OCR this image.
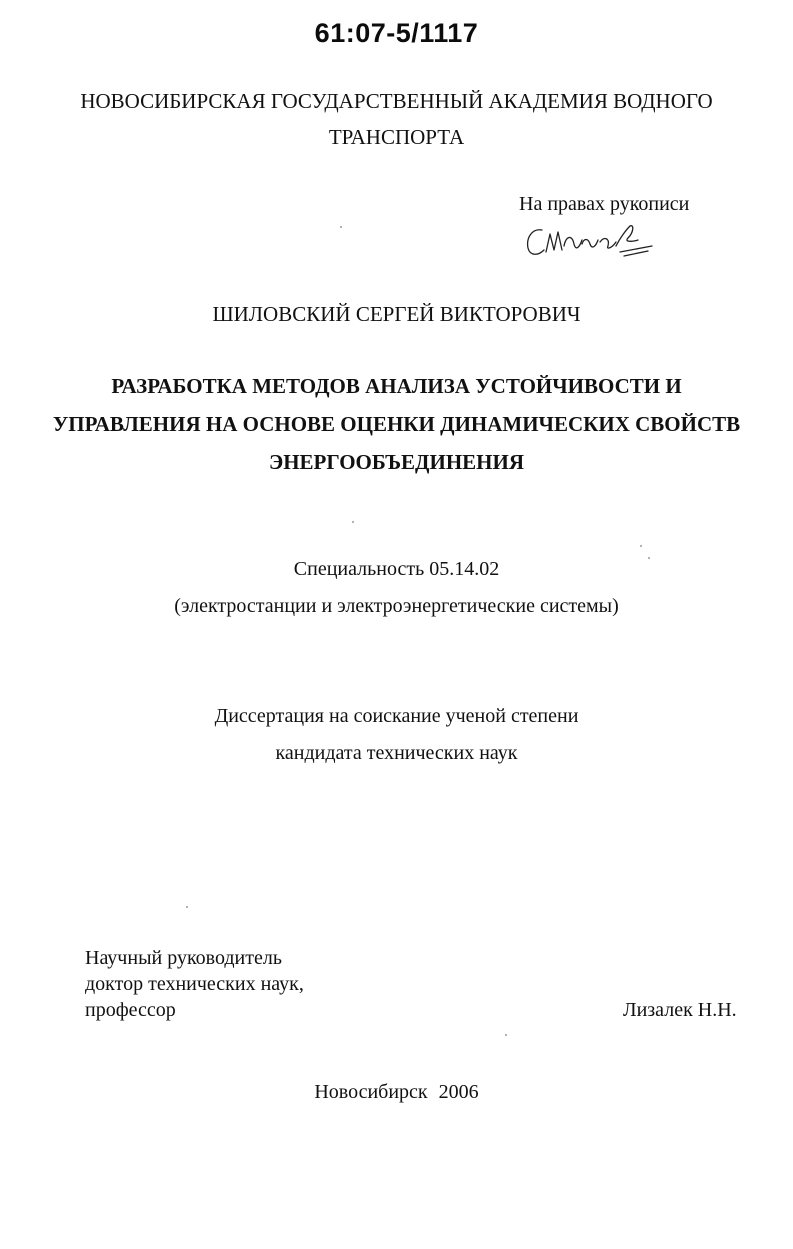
61:07-5/1117
НОВОСИБИРСКАЯ ГОСУДАРСТВЕННЫЙ АКАДЕМИЯ ВОДНОГО
ТРАНСПОРТА
На правах рукописи
ШИЛОВСКИЙ СЕРГЕЙ ВИКТОРОВИЧ
РАЗРАБОТКА МЕТОДОВ АНАЛИЗА УСТОЙЧИВОСТИ И
УПРАВЛЕНИЯ НА ОСНОВЕ ОЦЕНКИ ДИНАМИЧЕСКИХ СВОЙСТВ
ЭНЕРГООБЪЕДИНЕНИЯ
Специальность 05.14.02
(электростанции и электроэнергетические системы)
Диссертация на соискание ученой степени
кандидата технических наук
Научный руководитель
доктор технических наук,
профессор	Лизалек Н.Н.
Новосибирск 2006
